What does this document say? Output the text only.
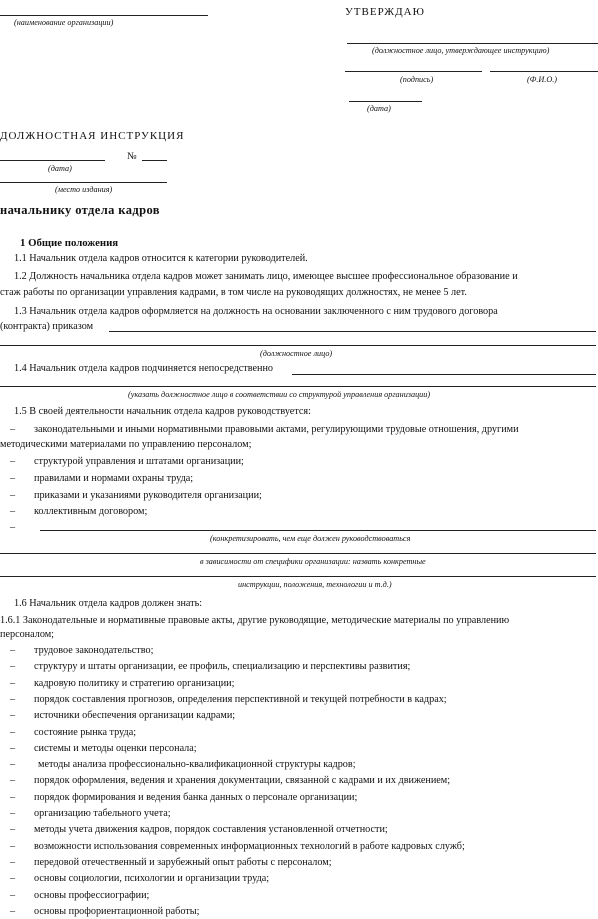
(наименование организации)
УТВЕРЖДАЮ
(должностное лицо, утверждающее инструкцию)
(подпись)	(Ф.И.О.)
(дата)
ДОЛЖНОСТНАЯ ИНСТРУКЦИЯ
№
(дата)
(место издания)
начальнику отдела кадров
1 Общие положения
1.1 Начальник отдела кадров относится к категории руководителей.
1.2 Должность начальника отдела кадров может занимать лицо, имеющее высшее профессиональное образование и
стаж работы по организации управления кадрами, в том числе на руководящих должностях, не менее 5 лет.
1.3 Начальник отдела кадров оформляется на должность на основании заключенного с ним трудового договора
(контракта) приказом
(должностное лицо)
1.4 Начальник отдела кадров подчиняется непосредственно
(указать должностное лицо в соответствии со структурой управления организации)
1.5 В своей деятельности начальник отдела кадров руководствуется:
– законодательными и иными нормативными правовыми актами, регулирующими трудовые отношения, другими
методическими материалами по управлению персоналом;
– структурой управления и штатами организации;
– правилами и нормами охраны труда;
– приказами и указаниями руководителя организации;
– коллективным договором;
–
(конкретизировать, чем еще должен руководствоваться
в зависимости от специфики организации: назвать конкретные
инструкции, положения, технологии и т.д.)
1.6 Начальник отдела кадров должен знать:
1.6.1 Законодательные и нормативные правовые акты, другие руководящие, методические материалы по управлению
персоналом;
– трудовое законодательство;
– структуру и штаты организации, ее профиль, специализацию и перспективы развития;
– кадровую политику и стратегию организации;
– порядок составления прогнозов, определения перспективной и текущей потребности в кадрах;
– источники обеспечения организации кадрами;
– состояние рынка труда;
– системы и методы оценки персонала;
– методы анализа профессионально-квалификационной структуры кадров;
– порядок оформления, ведения и хранения документации, связанной с кадрами и их движением;
– порядок формирования и ведения банка данных о персонале организации;
– организацию табельного учета;
– методы учета движения кадров, порядок составления установленной отчетности;
– возможности использования современных информационных технологий в работе кадровых служб;
– передовой отечественный и зарубежный опыт работы с персоналом;
– основы социологии, психологии и организации труда;
– основы профессиографии;
– основы профориентационной работы;
